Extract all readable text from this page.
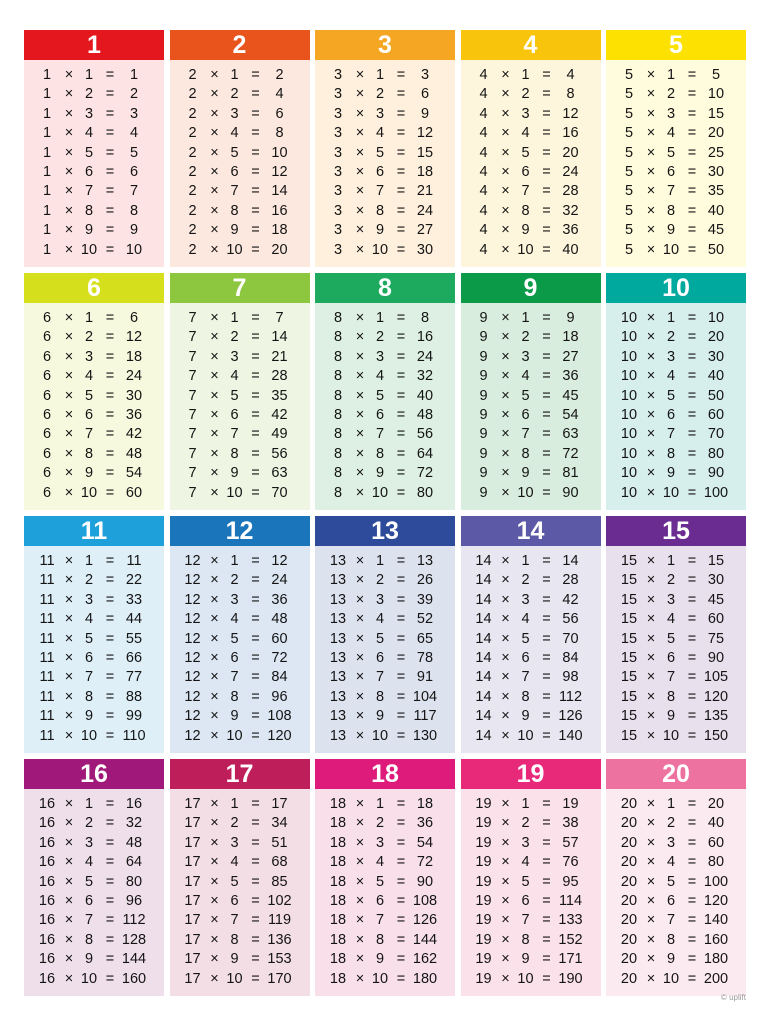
1
1 × 1 =	1
1 × 2 =	2
1 × 3 =	3
1 × 4 =	4
1 × 5 =	5
1 × 6 =	6
1 × 7 =	7
1 × 8 =	8
1 × 9 =	9
1 × 10 = 10
2
2 × 1 =	2
2 × 2 =	4
2 × 3 =	6
2 × 4 =	8
2 × 5 = 10
2 × 6 = 12
2 × 7 = 14
2 × 8 = 16
2 × 9 = 18
2 × 10 = 20
3
3 × 1 =	3
3 × 2 =	6
3 × 3 =	9
3 × 4 = 12
3 × 5 = 15
3 × 6 = 18
3 × 7 = 21
3 × 8 = 24
3 × 9 = 27
3 × 10 = 30
4
4 × 1 =	4
4 × 2 =	8
4 × 3 = 12
4 × 4 = 16
4 × 5 = 20
4 × 6 = 24
4 × 7 = 28
4 × 8 = 32
4 × 9 = 36
4 × 10 = 40
5
5 × 1 =	5
5 × 2 = 10
5 × 3 = 15
5 × 4 = 20
5 × 5 = 25
5 × 6 = 30
5 × 7 = 35
5 × 8 = 40
5 × 9 = 45
5 × 10 = 50
6
6 × 1 =	6
6 × 2 = 12
6 × 3 = 18
6 × 4 = 24
6 × 5 = 30
6 × 6 = 36
6 × 7 = 42
6 × 8 = 48
6 × 9 = 54
6 × 10 = 60
7
7 × 1 =	7
7 × 2 = 14
7 × 3 = 21
7 × 4 = 28
7 × 5 = 35
7 × 6 = 42
7 × 7 = 49
7 × 8 = 56
7 × 9 = 63
7 × 10 = 70
8
8 × 1 =	8
8 × 2 = 16
8 × 3 = 24
8 × 4 = 32
8 × 5 = 40
8 × 6 = 48
8 × 7 = 56
8 × 8 = 64
8 × 9 = 72
8 × 10 = 80
9
9 × 1 =	9
9 × 2 = 18
9 × 3 = 27
9 × 4 = 36
9 × 5 = 45
9 × 6 = 54
9 × 7 = 63
9 × 8 = 72
9 × 9 = 81
9 × 10 = 90
10
10 × 1 = 10
10 × 2 = 20
10 × 3 = 30
10 × 4 = 40
10 × 5 = 50
10 × 6 = 60
10 × 7 = 70
10 × 8 = 80
10 × 9 = 90
10 × 10 = 100
11
11 × 1 = 11
11 × 2 = 22
11 × 3 = 33
11 × 4 = 44
11 × 5 = 55
11 × 6 = 66
11 × 7 = 77
11 × 8 = 88
11 × 9 = 99
11 × 10 = 110
12
12 × 1 = 12
12 × 2 = 24
12 × 3 = 36
12 × 4 = 48
12 × 5 = 60
12 × 6 = 72
12 × 7 = 84
12 × 8 = 96
12 × 9 = 108
12 × 10 = 120
13
13 × 1 = 13
13 × 2 = 26
13 × 3 = 39
13 × 4 = 52
13 × 5 = 65
13 × 6 = 78
13 × 7 = 91
13 × 8 = 104
13 × 9 = 117
13 × 10 = 130
14
14 × 1 = 14
14 × 2 = 28
14 × 3 = 42
14 × 4 = 56
14 × 5 = 70
14 × 6 = 84
14 × 7 = 98
14 × 8 = 112
14 × 9 = 126
14 × 10 = 140
15
15 × 1 = 15
15 × 2 = 30
15 × 3 = 45
15 × 4 = 60
15 × 5 = 75
15 × 6 = 90
15 × 7 = 105
15 × 8 = 120
15 × 9 = 135
15 × 10 = 150
16
16 × 1 = 16
16 × 2 = 32
16 × 3 = 48
16 × 4 = 64
16 × 5 = 80
16 × 6 = 96
16 × 7 = 112
16 × 8 = 128
16 × 9 = 144
16 × 10 = 160
17
17 × 1 = 17
17 × 2 = 34
17 × 3 = 51
17 × 4 = 68
17 × 5 = 85
17 × 6 = 102
17 × 7 = 119
17 × 8 = 136
17 × 9 = 153
17 × 10 = 170
18
18 × 1 = 18
18 × 2 = 36
18 × 3 = 54
18 × 4 = 72
18 × 5 = 90
18 × 6 = 108
18 × 7 = 126
18 × 8 = 144
18 × 9 = 162
18 × 10 = 180
19
19 × 1 = 19
19 × 2 = 38
19 × 3 = 57
19 × 4 = 76
19 × 5 = 95
19 × 6 = 114
19 × 7 = 133
19 × 8 = 152
19 × 9 = 171
19 × 10 = 190
20
20 × 1 = 20
20 × 2 = 40
20 × 3 = 60
20 × 4 = 80
20 × 5 = 100
20 × 6 = 120
20 × 7 = 140
20 × 8 = 160
20 × 9 = 180
20 × 10 = 200
© uplift
